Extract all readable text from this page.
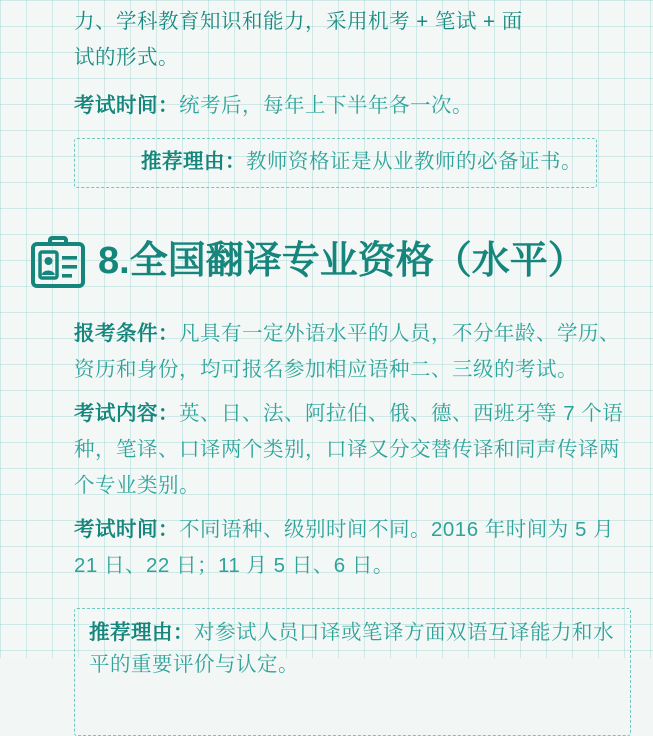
力、学科教育知识和能力，采用机考 + 笔试 + 面

试的形式。

考试时间：统考后，每年上下半年各一次。
推荐理由：教师资格证是从业教师的必备证书。
8.全国翻译专业资格（水平）
报考条件：凡具有一定外语水平的人员，不分年龄、学历、资历和身份，均可报名参加相应语种二、三级的考试。
考试内容：英、日、法、阿拉伯、俄、德、西班牙等 7 个语种，笔译、口译两个类别，口译又分交替传译和同声传译两个专业类别。
考试时间：不同语种、级别时间不同。2016 年时间为 5 月 21 日、22 日；11 月 5 日、6 日。
推荐理由：对参试人员口译或笔译方面双语互译能力和水平的重要评价与认定。
